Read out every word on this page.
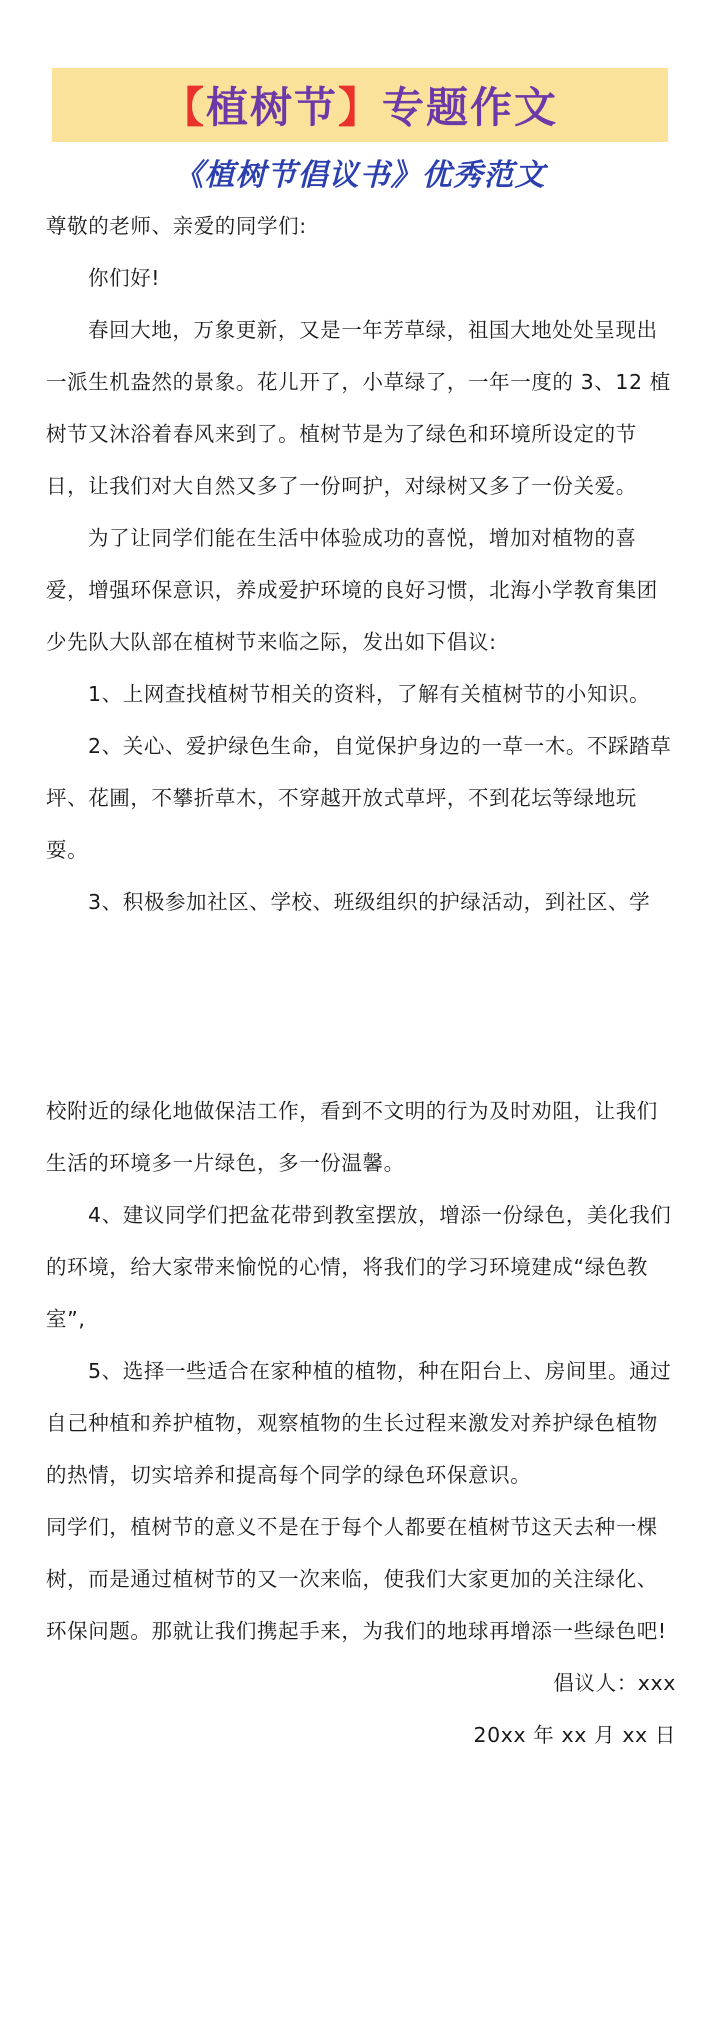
【 植树节 】 专题作文
《植树节倡议书》优秀范文

尊敬的老师、亲爱的同学们:

你们好!

春回大地，万象更新，又是一年芳草绿，祖国大地处处呈现出一派生机盎然的景象。花儿开了，小草绿了，一年一度的 3、12 植树节又沐浴着春风来到了。植树节是为了绿色和环境所设定的节日，让我们对大自然又多了一份呵护，对绿树又多了一份关爱。

为了让同学们能在生活中体验成功的喜悦，增加对植物的喜爱，增强环保意识，养成爱护环境的良好习惯，北海小学教育集团少先队大队部在植树节来临之际，发出如下倡议:

1、上网查找植树节相关的资料，了解有关植树节的小知识。

2、关心、爱护绿色生命，自觉保护身边的一草一木。不踩踏草坪、花圃，不攀折草木，不穿越开放式草坪，不到花坛等绿地玩耍。

3、积极参加社区、学校、班级组织的护绿活动，到社区、学

校附近的绿化地做保洁工作，看到不文明的行为及时劝阻，让我们生活的环境多一片绿色，多一份温馨。

4、建议同学们把盆花带到教室摆放，增添一份绿色，美化我们的环境，给大家带来愉悦的心情，将我们的学习环境建成“绿色教室”,

5、选择一些适合在家种植的植物，种在阳台上、房间里。通过自己种植和养护植物，观察植物的生长过程来激发对养护绿色植物的热情，切实培养和提高每个同学的绿色环保意识。

同学们，植树节的意义不是在于每个人都要在植树节这天去种一棵树，而是通过植树节的又一次来临，使我们大家更加的关注绿化、环保问题。那就让我们携起手来，为我们的地球再增添一些绿色吧!

倡议人：xxx

20xx 年 xx 月 xx 日
